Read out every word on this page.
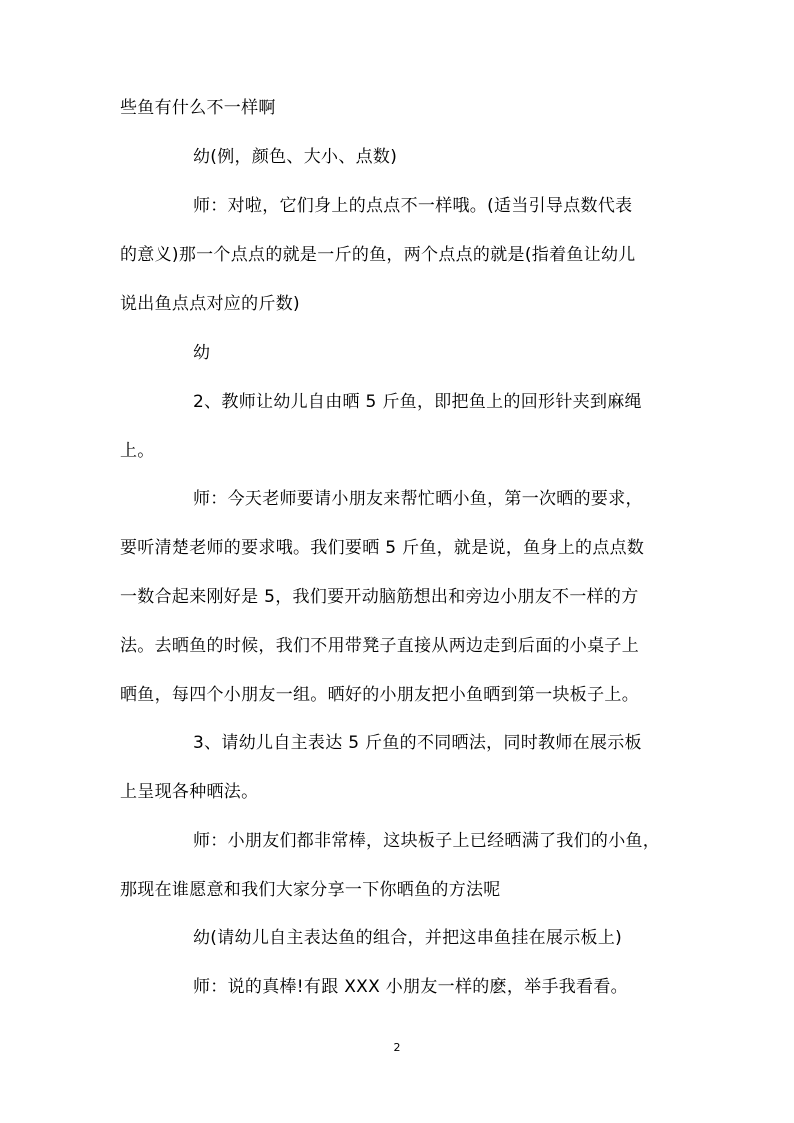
些鱼有什么不一样啊
幼(例，颜色、大小、点数)
师：对啦，它们身上的点点不一样哦。(适当引导点数代表
的意义)那一个点点的就是一斤的鱼，两个点点的就是(指着鱼让幼儿
说出鱼点点对应的斤数)
幼
2、教师让幼儿自由晒 5 斤鱼，即把鱼上的回形针夹到麻绳
上。
师：今天老师要请小朋友来帮忙晒小鱼，第一次晒的要求，
要听清楚老师的要求哦。我们要晒 5 斤鱼，就是说，鱼身上的点点数
一数合起来刚好是 5，我们要开动脑筋想出和旁边小朋友不一样的方
法。去晒鱼的时候，我们不用带凳子直接从两边走到后面的小桌子上
晒鱼，每四个小朋友一组。晒好的小朋友把小鱼晒到第一块板子上。
3、请幼儿自主表达 5 斤鱼的不同晒法，同时教师在展示板
上呈现各种晒法。
师：小朋友们都非常棒，这块板子上已经晒满了我们的小鱼，
那现在谁愿意和我们大家分享一下你晒鱼的方法呢
幼(请幼儿自主表达鱼的组合，并把这串鱼挂在展示板上)
师：说的真棒!有跟 XXX 小朋友一样的麽，举手我看看。
2
